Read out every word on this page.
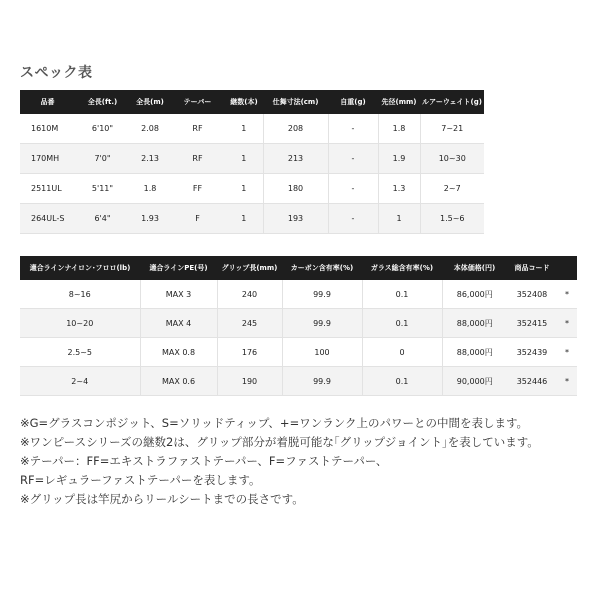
スペック表
品番	全長(ft.)	全長(m)	テーパー	継数(本)	仕舞寸法(cm)	自重(g)	先径(mm)	ルアーウェイト(g)
1610M	6'10"	2.08	RF	1	208	-	1.8	7~21
170MH	7'0"	2.13	RF	1	213	-	1.9	10~30
2511UL	5'11"	1.8	FF	1	180	-	1.3	2~7
264UL-S	6'4"	1.93	F	1	193	-	1	1.5~6
適合ラインナイロン･フロロ(lb)	適合ラインPE(号)	グリップ長(mm)	カーボン含有率(%)	ガラス総含有率(%)	本体価格(円)	商品コード	
8~16	MAX 3	240	99.9	0.1	86,000円	352408	*
10~20	MAX 4	245	99.9	0.1	88,000円	352415	*
2.5~5	MAX 0.8	176	100	0	88,000円	352439	*
2~4	MAX 0.6	190	99.9	0.1	90,000円	352446	*
※G=グラスコンポジット、S=ソリッドティップ、+=ワンランク上のパワーとの中間を表します。
※ワンピースシリーズの継数2は、グリップ部分が着脱可能な｢グリップジョイント｣を表しています。
※テーパー：FF=エキストラファストテーパー、F=ファストテーパー、
RF=レギュラーファストテーパーを表します。
※グリップ長は竿尻からリールシートまでの長さです。
